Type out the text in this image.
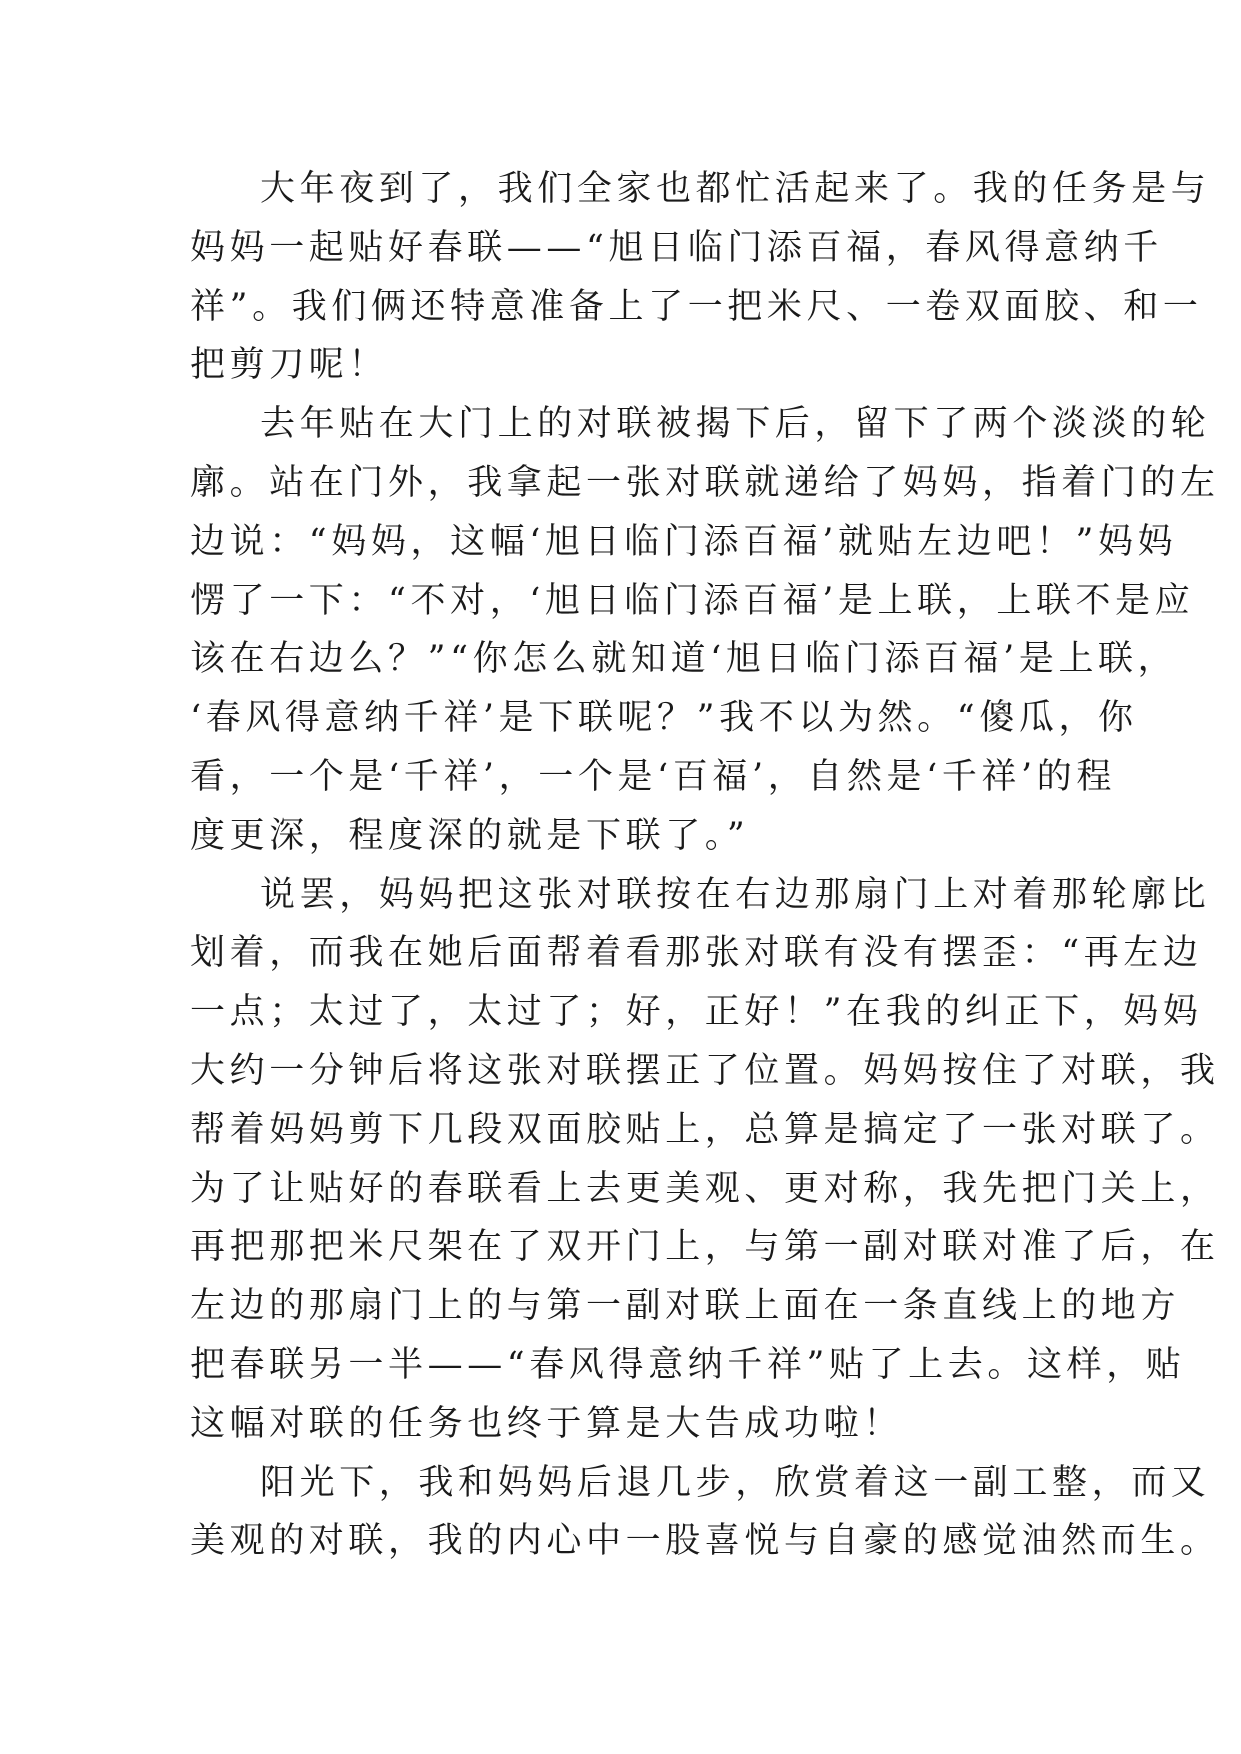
大年夜到了，我们全家也都忙活起来了。我的任务是与
妈妈一起贴好春联——“旭日临门添百福，春风得意纳千
祥”。我们俩还特意准备上了一把米尺、一卷双面胶、和一
把剪刀呢！

去年贴在大门上的对联被揭下后，留下了两个淡淡的轮
廓。站在门外，我拿起一张对联就递给了妈妈，指着门的左
边说：“妈妈，这幅‘旭日临门添百福’就贴左边吧！”妈妈
愣了一下：“不对，‘旭日临门添百福’是上联，上联不是应
该在右边么？”“你怎么就知道‘旭日临门添百福’是上联，
‘春风得意纳千祥’是下联呢？”我不以为然。“傻瓜，你
看，一个是‘千祥’，一个是‘百福’，自然是‘千祥’的程
度更深，程度深的就是下联了。”

说罢，妈妈把这张对联按在右边那扇门上对着那轮廓比
划着，而我在她后面帮着看那张对联有没有摆歪：“再左边
一点；太过了，太过了；好，正好！”在我的纠正下，妈妈
大约一分钟后将这张对联摆正了位置。妈妈按住了对联，我
帮着妈妈剪下几段双面胶贴上，总算是搞定了一张对联了。
为了让贴好的春联看上去更美观、更对称，我先把门关上，
再把那把米尺架在了双开门上，与第一副对联对准了后，在
左边的那扇门上的与第一副对联上面在一条直线上的地方
把春联另一半——“春风得意纳千祥”贴了上去。这样，贴
这幅对联的任务也终于算是大告成功啦！

阳光下，我和妈妈后退几步，欣赏着这一副工整，而又
美观的对联，我的内心中一股喜悦与自豪的感觉油然而生。
